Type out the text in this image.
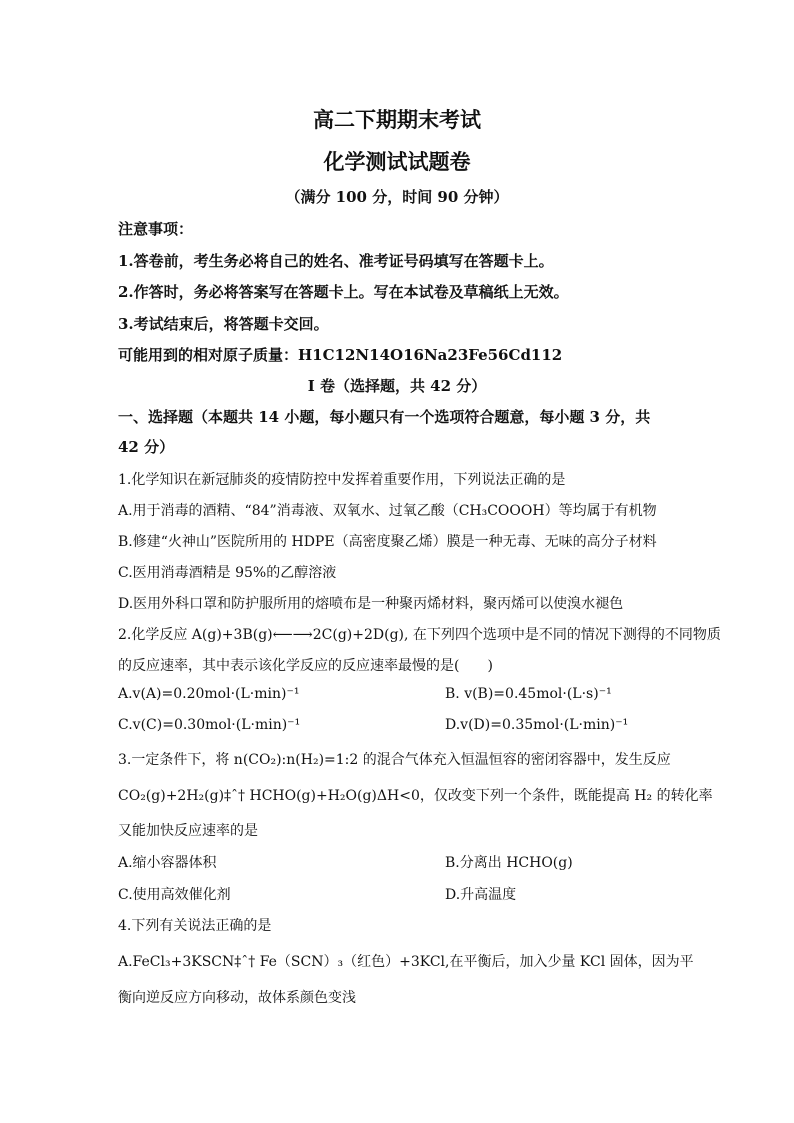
高二下期期末考试
化学测试试题卷
（满分 100 分，时间 90 分钟）
注意事项：
1.答卷前，考生务必将自己的姓名、准考证号码填写在答题卡上。
2.作答时，务必将答案写在答题卡上。写在本试卷及草稿纸上无效。
3.考试结束后，将答题卡交回。
可能用到的相对原子质量：H1C12N14O16Na23Fe56Cd112
I 卷（选择题，共 42 分）
一、选择题（本题共 14 小题，每小题只有一个选项符合题意，每小题 3 分，共
42 分）
1.化学知识在新冠肺炎的疫情防控中发挥着重要作用，下列说法正确的是
A.用于消毒的酒精、“84”消毒液、双氧水、过氧乙酸（CH₃COOOH）等均属于有机物
B.修建“火神山”医院所用的 HDPE（高密度聚乙烯）膜是一种无毒、无味的高分子材料
C.医用消毒酒精是 95%的乙醇溶液
D.医用外科口罩和防护服所用的熔喷布是一种聚丙烯材料，聚丙烯可以使溴水褪色
2.化学反应 A(g)+3B(g)⟵⟶2C(g)+2D(g), 在下列四个选项中是不同的情况下测得的不同物质
的反应速率，其中表示该化学反应的反应速率最慢的是(　　)
A.v(A)=0.20mol·(L·min)⁻¹	B. v(B)=0.45mol·(L·s)⁻¹
C.v(C)=0.30mol·(L·min)⁻¹	D.v(D)=0.35mol·(L·min)⁻¹
3.一定条件下，将 n(CO₂):n(H₂)=1:2 的混合气体充入恒温恒容的密闭容器中，发生反应
CO₂(g)+2H₂(g)‡ˆ† HCHO(g)+H₂O(g)ΔH<0，仅改变下列一个条件，既能提高 H₂ 的转化率
又能加快反应速率的是
A.缩小容器体积	B.分离出 HCHO(g)
C.使用高效催化剂	D.升高温度
4.下列有关说法正确的是
A.FeCl₃+3KSCN‡ˆ† Fe（SCN）₃（红色）+3KCl,在平衡后，加入少量 KCl 固体，因为平
衡向逆反应方向移动，故体系颜色变浅
